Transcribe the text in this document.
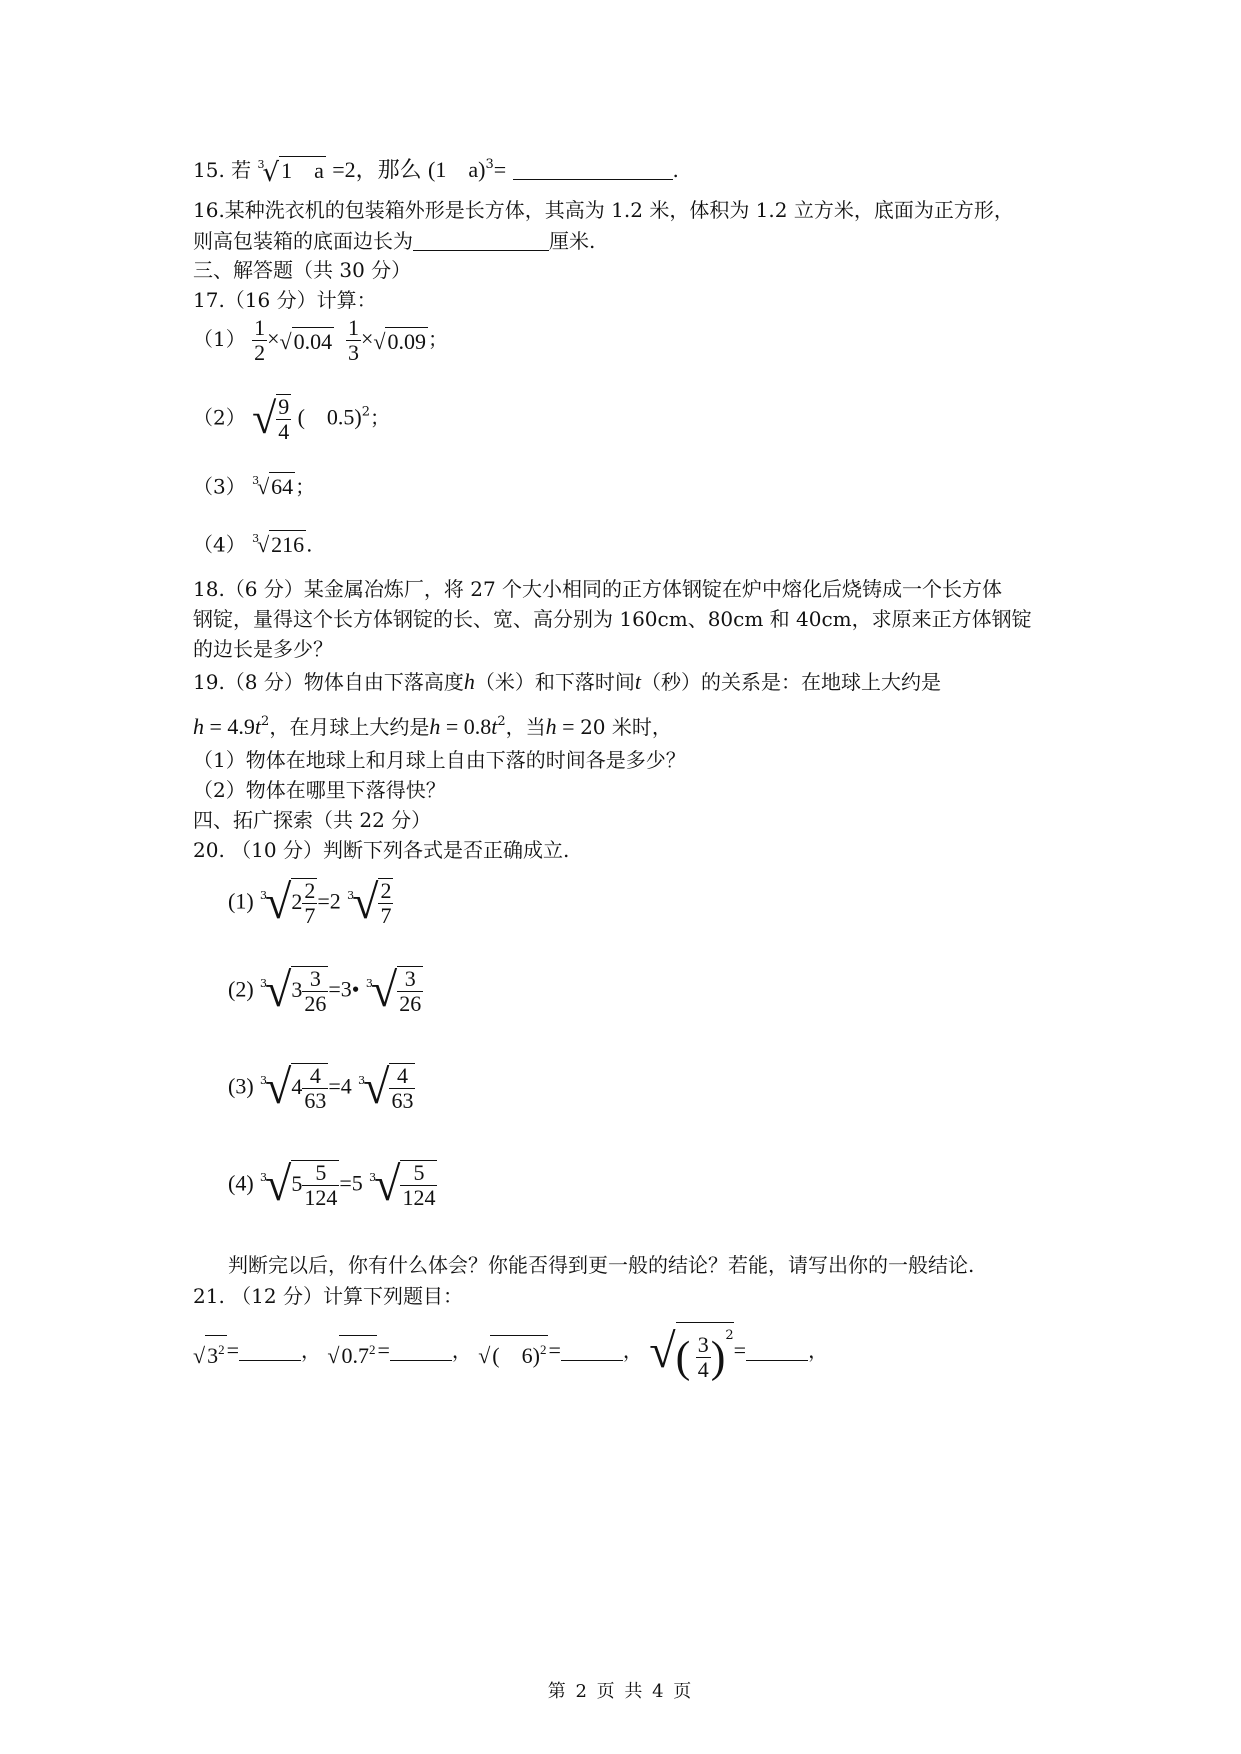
15. 若 $^3$√1　a =2，那么 (1　a)$^3$=	.
16.某种洗衣机的包装箱外形是长方体，其高为 1.2 米，体积为 1.2 立方米，底面为正方形，
则高包装箱的底面边长为	厘米.
三、解答题（共 30 分）
17.（16 分）计算：
$(1) \frac{1}{2} \times√0.04 \frac{1}{3} \times√0.09$ ；
（2） √ $\frac{9}{4}$ (　0.5)$^2$；
（3） $^3$√64 ；
（4） $^3$√216 .
18.（6 分）某金属冶炼厂，将 27 个大小相同的正方体钢锭在炉中熔化后烧铸成一个长方体
钢锭，量得这个长方体钢锭的长、宽、高分别为 160cm、80cm 和 40cm，求原来正方体钢锭
的边长是多少？
19.（8 分）物体自由下落高度h（米）和下落时间t（秒）的关系是：在地球上大约是
$h = 4.9t^2$，在月球上大约是$h = 0.8t^2$，当h = 20 米时，
（1）物体在地球上和月球上自由下落的时间各是多少？
（2）物体在哪里下落得快？
四、拓广探索（共 22 分）
20. （10 分）判断下列各式是否正确成立.
(1) $^3√2 \frac{2}{7} =2$ $^3√ \frac{2}{7}$
(2) $^3√3 \frac{3}{26}$ =3• $^3√ \frac{3}{26}$
(3) $^3√4 \frac{4}{63} =4$ $^3√ \frac{4}{63}$
(4) $^3√5 \frac{5}{124} =5$ $^3√ \frac{5}{124}$
判断完以后，你有什么体会？你能否得到更一般的结论？若能，请写出你的一般结论.
21. （12 分）计算下列题目：
$√3^2=$	， $√0.7^2=$	， √(　6)$^2$=	， √( $\frac{3}{4} )^2=$	，
第 2 页 共 4 页
